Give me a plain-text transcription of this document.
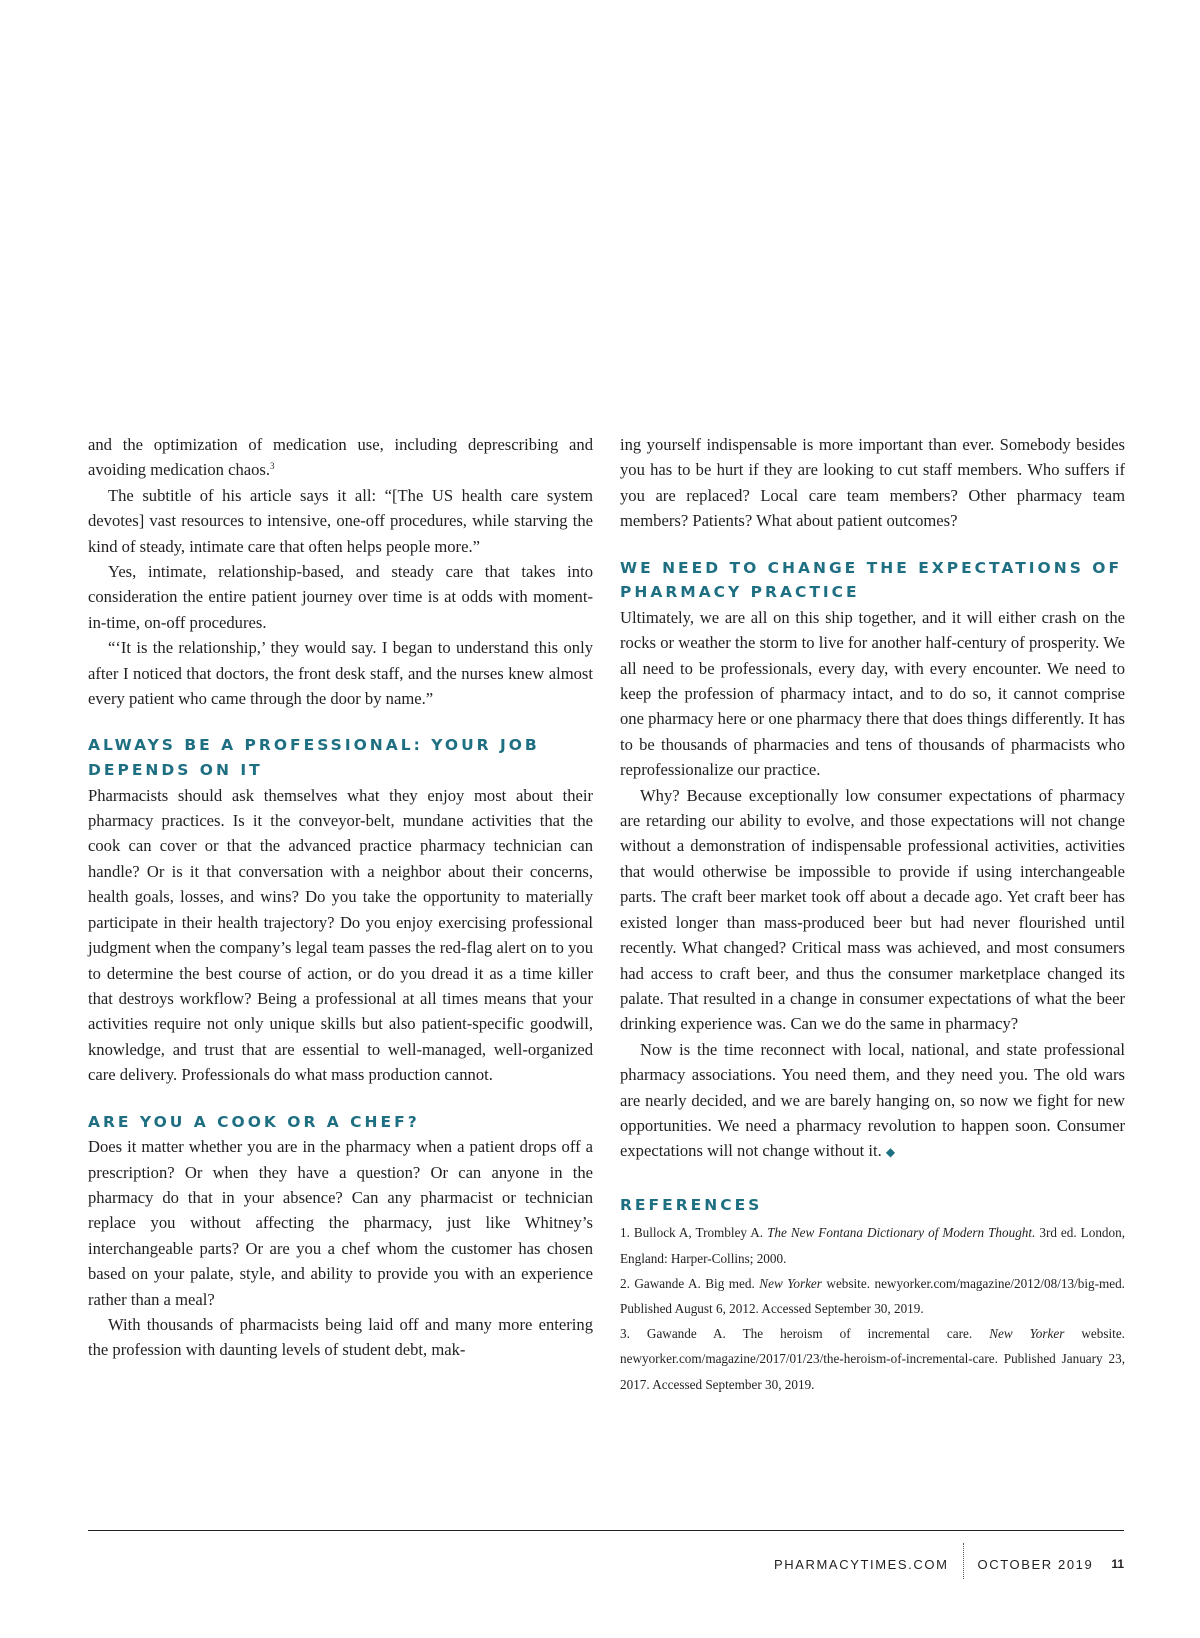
and the optimization of medication use, including deprescribing and avoiding medication chaos.$^3$

The subtitle of his article says it all: “[The US health care system devotes] vast resources to intensive, one-off procedures, while starving the kind of steady, intimate care that often helps people more.”

Yes, intimate, relationship-based, and steady care that takes into consideration the entire patient journey over time is at odds with moment-in-time, on-off procedures.

“‘It is the relationship,’ they would say. I began to understand this only after I noticed that doctors, the front desk staff, and the nurses knew almost every patient who came through the door by name.”

ALWAYS BE A PROFESSIONAL: YOUR JOB DEPENDS ON IT

Pharmacists should ask themselves what they enjoy most about their pharmacy practices. Is it the conveyor-belt, mundane activities that the cook can cover or that the advanced practice pharmacy technician can handle? Or is it that conversation with a neighbor about their concerns, health goals, losses, and wins? Do you take the opportunity to materially participate in their health trajectory? Do you enjoy exercising professional judgment when the company’s legal team passes the red-flag alert on to you to determine the best course of action, or do you dread it as a time killer that destroys workflow? Being a professional at all times means that your activities require not only unique skills but also patient-specific goodwill, knowledge, and trust that are essential to well-managed, well-organized care delivery. Professionals do what mass production cannot.

ARE YOU A COOK OR A CHEF?

Does it matter whether you are in the pharmacy when a patient drops off a prescription? Or when they have a question? Or can anyone in the pharmacy do that in your absence? Can any pharmacist or technician replace you without affecting the pharmacy, just like Whitney’s interchangeable parts? Or are you a chef whom the customer has chosen based on your palate, style, and ability to provide you with an experience rather than a meal?

With thousands of pharmacists being laid off and many more entering the profession with daunting levels of student debt, mak-

ing yourself indispensable is more important than ever. Somebody besides you has to be hurt if they are looking to cut staff members. Who suffers if you are replaced? Local care team members? Other pharmacy team members? Patients? What about patient outcomes?

WE NEED TO CHANGE THE EXPECTATIONS OF PHARMACY PRACTICE

Ultimately, we are all on this ship together, and it will either crash on the rocks or weather the storm to live for another half-century of prosperity. We all need to be professionals, every day, with every encounter. We need to keep the profession of pharmacy intact, and to do so, it cannot comprise one pharmacy here or one pharmacy there that does things differently. It has to be thousands of pharmacies and tens of thousands of pharmacists who reprofessionalize our practice.

Why? Because exceptionally low consumer expectations of pharmacy are retarding our ability to evolve, and those expectations will not change without a demonstration of indispensable professional activities, activities that would otherwise be impossible to provide if using interchangeable parts. The craft beer market took off about a decade ago. Yet craft beer has existed longer than mass-produced beer but had never flourished until recently. What changed? Critical mass was achieved, and most consumers had access to craft beer, and thus the consumer marketplace changed its palate. That resulted in a change in consumer expectations of what the beer drinking experience was. Can we do the same in pharmacy?

Now is the time reconnect with local, national, and state professional pharmacy associations. You need them, and they need you. The old wars are nearly decided, and we are barely hanging on, so now we fight for new opportunities. We need a pharmacy revolution to happen soon. Consumer expectations will not change without it. ◆

REFERENCES

1. Bullock A, Trombley A. The New Fontana Dictionary of Modern Thought. 3rd ed. London, England: Harper-Collins; 2000.

2. Gawande A. Big med. New Yorker website. newyorker.com/magazine/2012/08/13/big-med. Published August 6, 2012. Accessed September 30, 2019.

3. Gawande A. The heroism of incremental care. New Yorker website. newyorker.com/magazine/2017/01/23/the-heroism-of-incremental-care. Published January 23, 2017. Accessed September 30, 2019.

PHARMACYTIMES.COM OCTOBER 2019 11
